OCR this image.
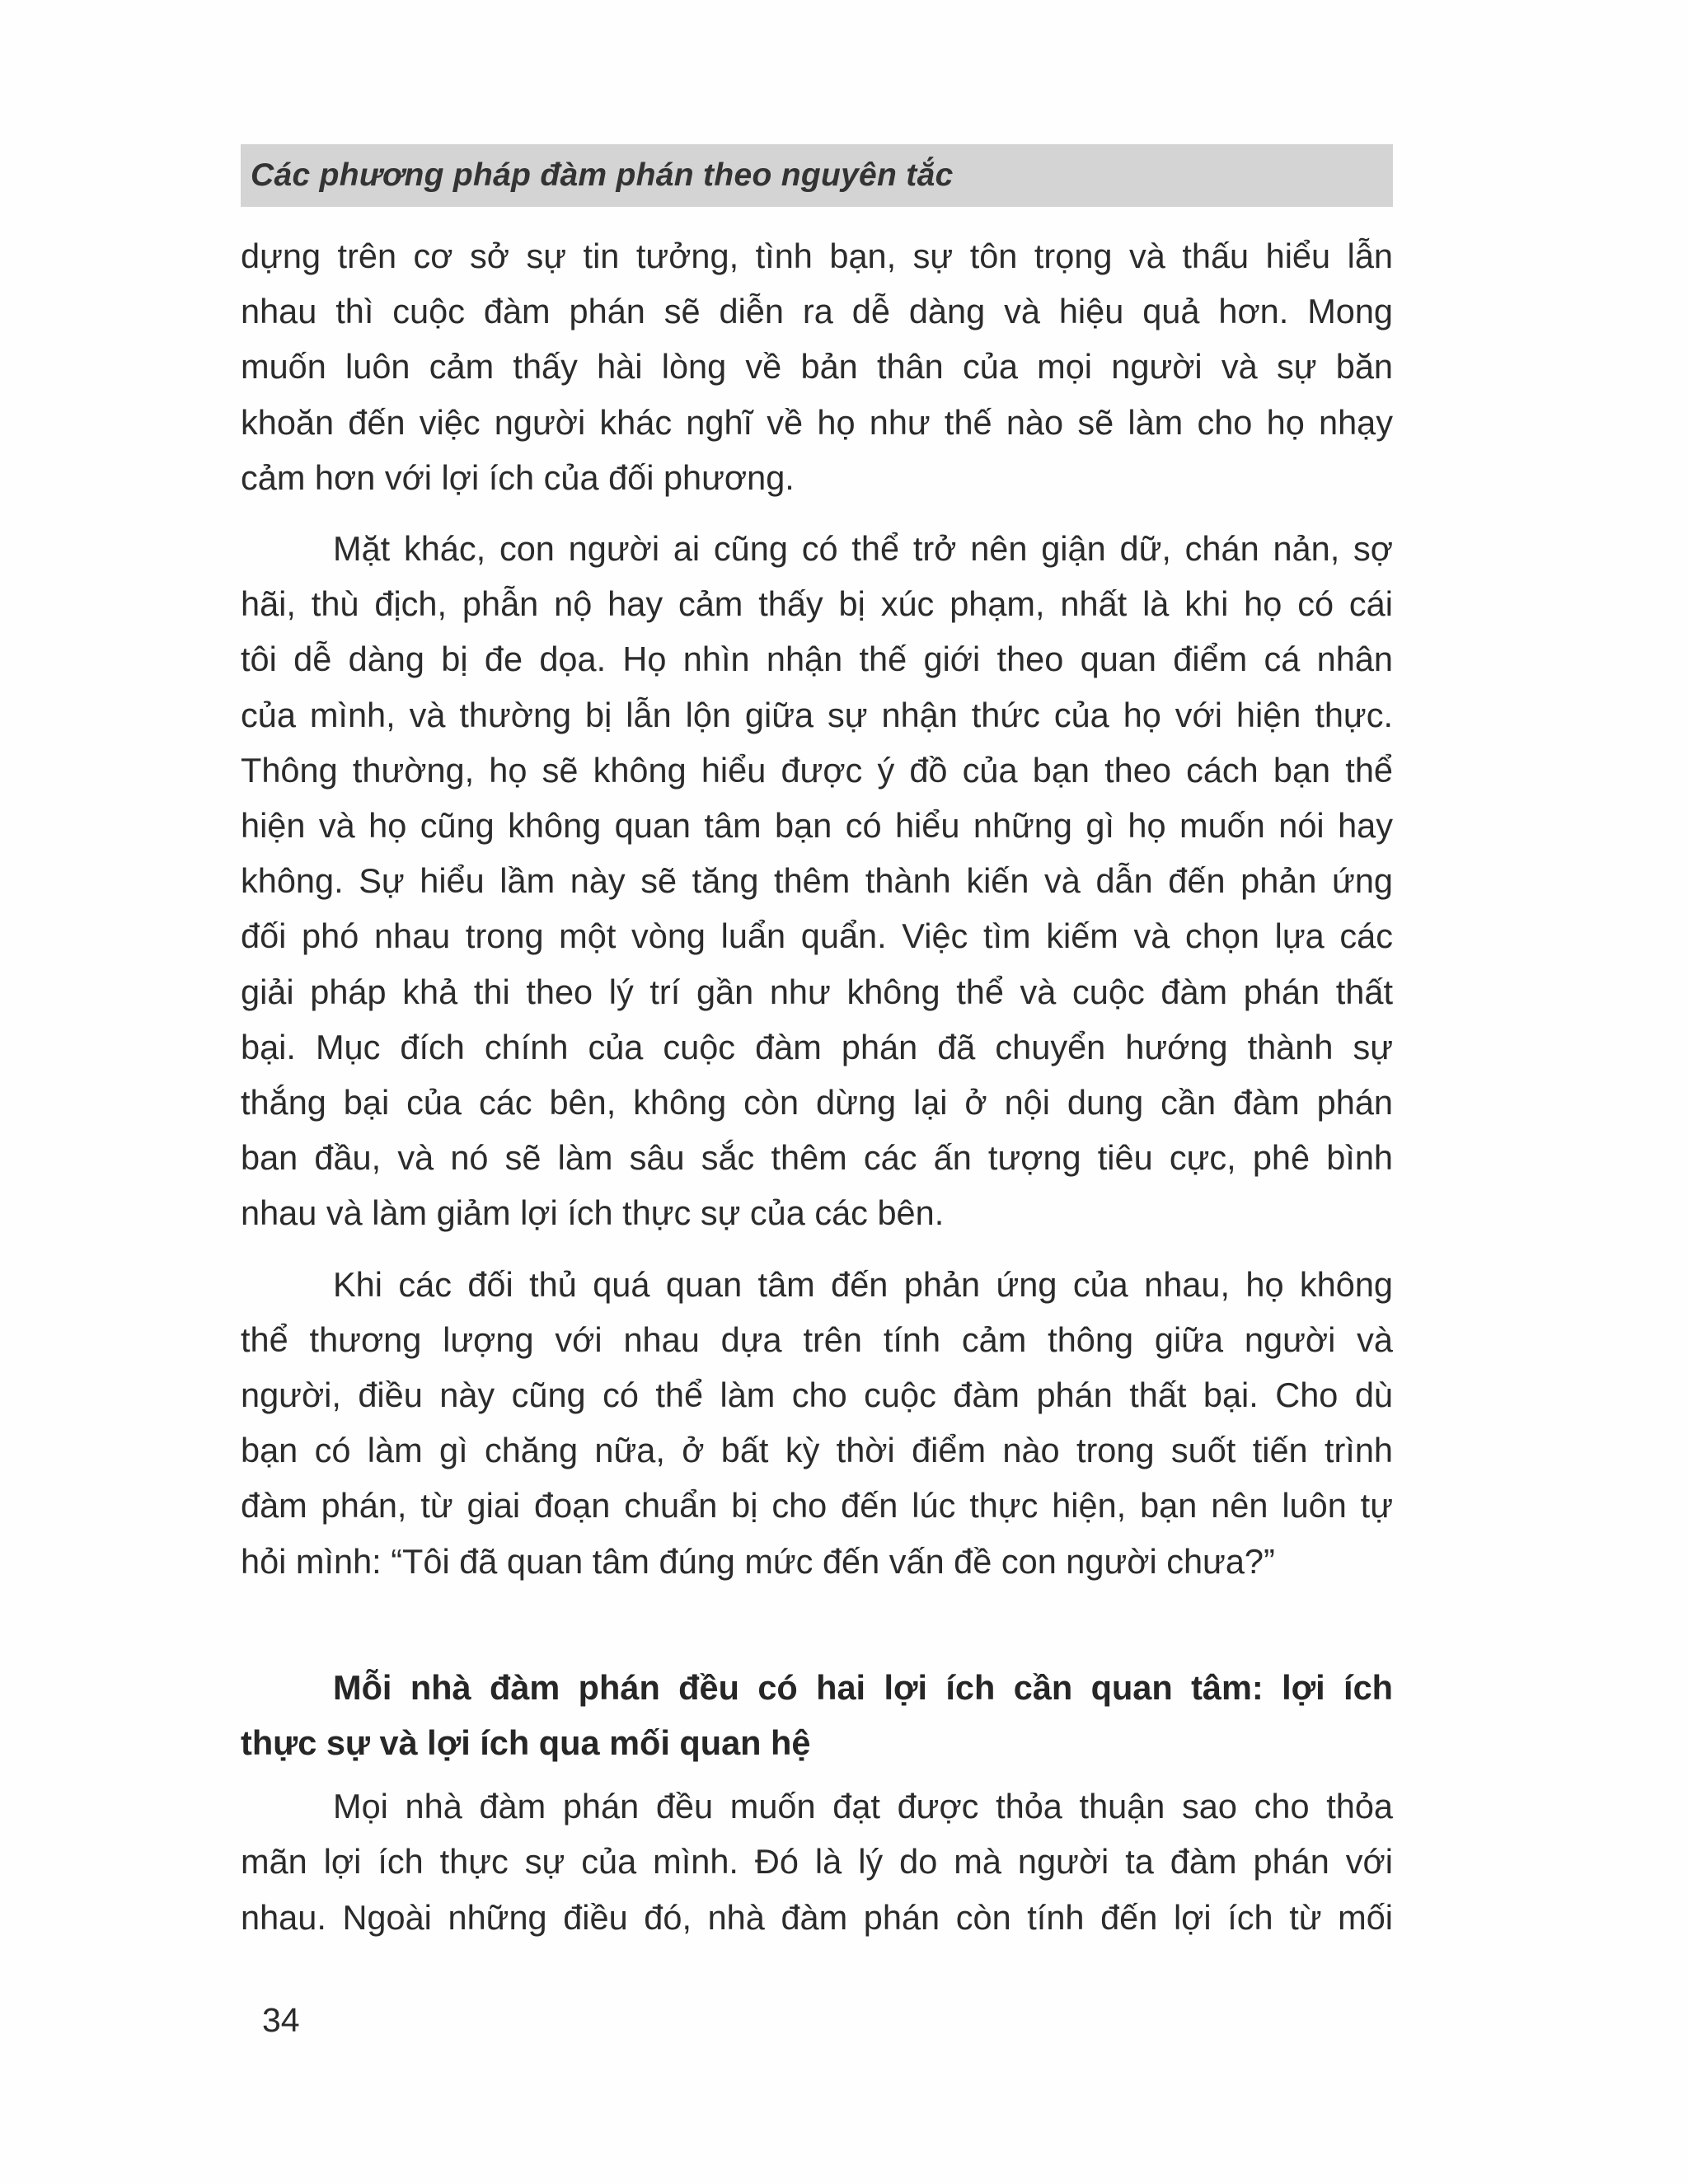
Các phương pháp đàm phán theo nguyên tắc

dựng trên cơ sở sự tin tưởng, tình bạn, sự tôn trọng và thấu hiểu lẫn
nhau thì cuộc đàm phán sẽ diễn ra dễ dàng và hiệu quả hơn. Mong
muốn luôn cảm thấy hài lòng về bản thân của mọi người và sự băn
khoăn đến việc người khác nghĩ về họ như thế nào sẽ làm cho họ nhạy
cảm hơn với lợi ích của đối phương.

Mặt khác, con người ai cũng có thể trở nên giận dữ, chán nản, sợ
hãi, thù địch, phẫn nộ hay cảm thấy bị xúc phạm, nhất là khi họ có cái
tôi dễ dàng bị đe dọa. Họ nhìn nhận thế giới theo quan điểm cá nhân
của mình, và thường bị lẫn lộn giữa sự nhận thức của họ với hiện thực.
Thông thường, họ sẽ không hiểu được ý đồ của bạn theo cách bạn thể
hiện và họ cũng không quan tâm bạn có hiểu những gì họ muốn nói hay
không. Sự hiểu lầm này sẽ tăng thêm thành kiến và dẫn đến phản ứng
đối phó nhau trong một vòng luẩn quẩn. Việc tìm kiếm và chọn lựa các
giải pháp khả thi theo lý trí gần như không thể và cuộc đàm phán thất
bại. Mục đích chính của cuộc đàm phán đã chuyển hướng thành sự
thắng bại của các bên, không còn dừng lại ở nội dung cần đàm phán
ban đầu, và nó sẽ làm sâu sắc thêm các ấn tượng tiêu cực, phê bình
nhau và làm giảm lợi ích thực sự của các bên.

Khi các đối thủ quá quan tâm đến phản ứng của nhau, họ không
thể thương lượng với nhau dựa trên tính cảm thông giữa người và
người, điều này cũng có thể làm cho cuộc đàm phán thất bại. Cho dù
bạn có làm gì chăng nữa, ở bất kỳ thời điểm nào trong suốt tiến trình
đàm phán, từ giai đoạn chuẩn bị cho đến lúc thực hiện, bạn nên luôn tự
hỏi mình: “Tôi đã quan tâm đúng mức đến vấn đề con người chưa?”

Mỗi nhà đàm phán đều có hai lợi ích cần quan tâm: lợi ích
thực sự và lợi ích qua mối quan hệ

Mọi nhà đàm phán đều muốn đạt được thỏa thuận sao cho thỏa
mãn lợi ích thực sự của mình. Đó là lý do mà người ta đàm phán với
nhau. Ngoài những điều đó, nhà đàm phán còn tính đến lợi ích từ mối

34
